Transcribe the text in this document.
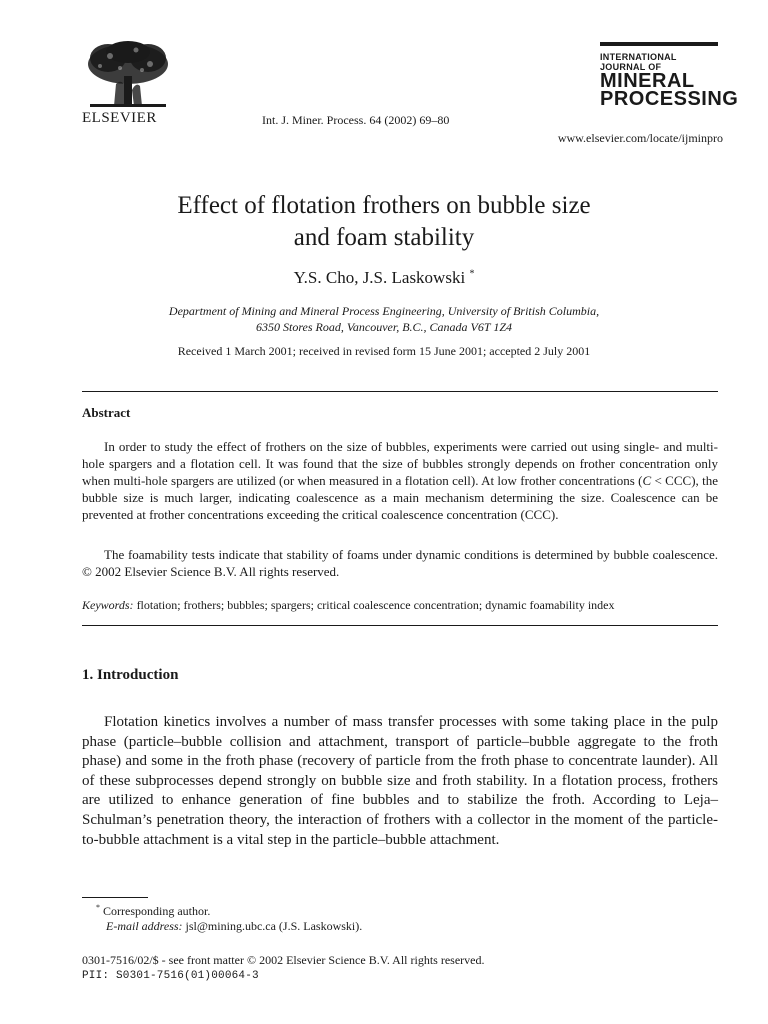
ELSEVIER	Int. J. Miner. Process. 64 (2002) 69–80
INTERNATIONAL JOURNAL OF
MINERAL
PROCESSING
www.elsevier.com/locate/ijminpro
Effect of flotation frothers on bubble size
and foam stability
Y.S. Cho, J.S. Laskowski *
Department of Mining and Mineral Process Engineering, University of British Columbia,
6350 Stores Road, Vancouver, B.C., Canada V6T 1Z4
Received 1 March 2001; received in revised form 15 June 2001; accepted 2 July 2001
Abstract
In order to study the effect of frothers on the size of bubbles, experiments were carried out using single- and multi-hole spargers and a flotation cell. It was found that the size of bubbles strongly depends on frother concentration only when multi-hole spargers are utilized (or when measured in a flotation cell). At low frother concentrations (C < CCC), the bubble size is much larger, indicating coalescence as a main mechanism determining the size. Coalescence can be prevented at frother concentrations exceeding the critical coalescence concentration (CCC).
The foamability tests indicate that stability of foams under dynamic conditions is determined by bubble coalescence. © 2002 Elsevier Science B.V. All rights reserved.
Keywords: flotation; frothers; bubbles; spargers; critical coalescence concentration; dynamic foamability index
1. Introduction
Flotation kinetics involves a number of mass transfer processes with some taking place in the pulp phase (particle–bubble collision and attachment, transport of particle–bubble aggregate to the froth phase) and some in the froth phase (recovery of particle from the froth phase to concentrate launder). All of these subprocesses depend strongly on bubble size and froth stability. In a flotation process, frothers are utilized to enhance generation of fine bubbles and to stabilize the froth. According to Leja–Schulman’s penetration theory, the interaction of frothers with a collector in the moment of the particle-to-bubble attachment is a vital step in the particle–bubble attachment.
* Corresponding author.
E-mail address: jsl@mining.ubc.ca (J.S. Laskowski).
0301-7516/02/$ - see front matter © 2002 Elsevier Science B.V. All rights reserved.
PII: S0301-7516(01)00064-3
